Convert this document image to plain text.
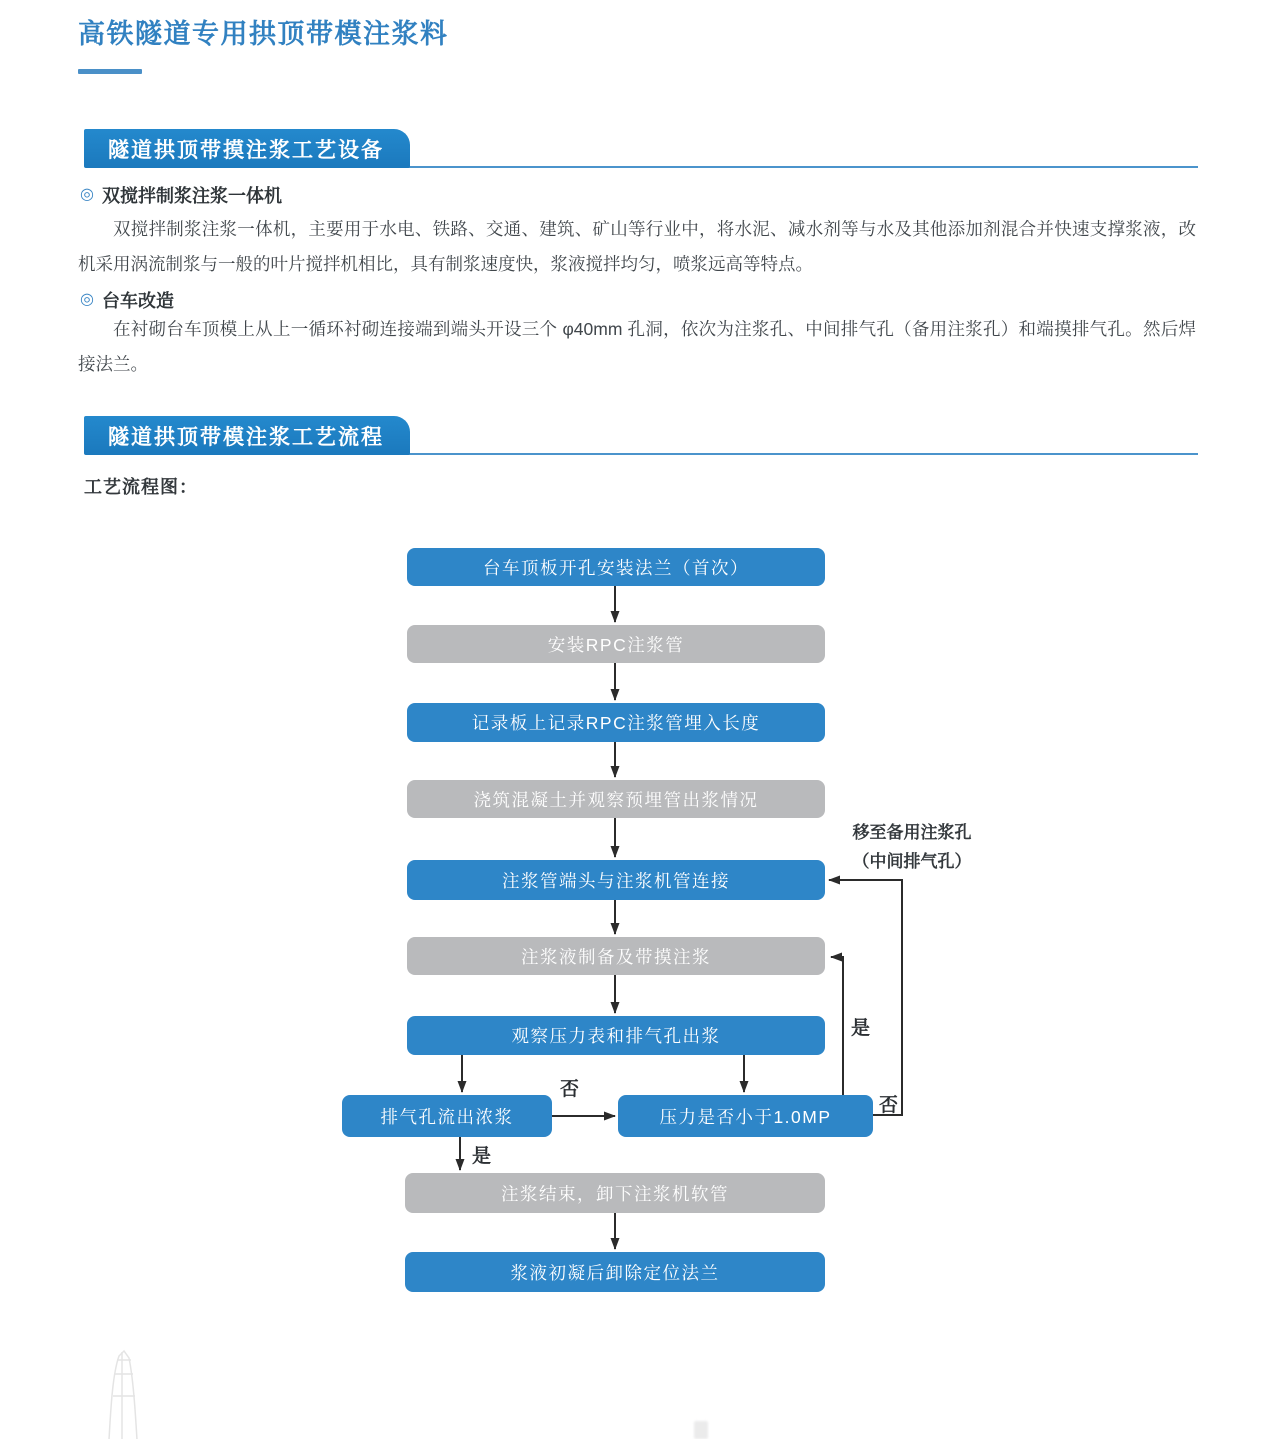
高铁隧道专用拱顶带模注浆料
隧道拱顶带摸注浆工艺设备
◎ 双搅拌制浆注浆一体机

双搅拌制浆注浆一体机，主要用于水电、铁路、交通、建筑、矿山等行业中，将水泥、减水剂等与水及其他添加剂混合并快速支撑浆液，改机采用涡流制浆与一般的叶片搅拌机相比，具有制浆速度快，浆液搅拌均匀，喷浆远高等特点。

◎ 台车改造

在衬砌台车顶模上从上一循环衬砌连接端到端头开设三个 φ40mm 孔洞，依次为注浆孔、中间排气孔（备用注浆孔）和端摸排气孔。然后焊接法兰。

隧道拱顶带模注浆工艺流程
工艺流程图：
台车顶板开孔安装法兰（首次）
安装RPC注浆管
记录板上记录RPC注浆管埋入长度
浇筑混凝土并观察预埋管出浆情况
注浆管端头与注浆机管连接
注浆液制备及带摸注浆
观察压力表和排气孔出浆
排气孔流出浓浆	压力是否小于1.0MP
注浆结束，卸下注浆机软管
浆液初凝后卸除定位法兰
否
是
是
否
移至备用注浆孔
（中间排气孔）
